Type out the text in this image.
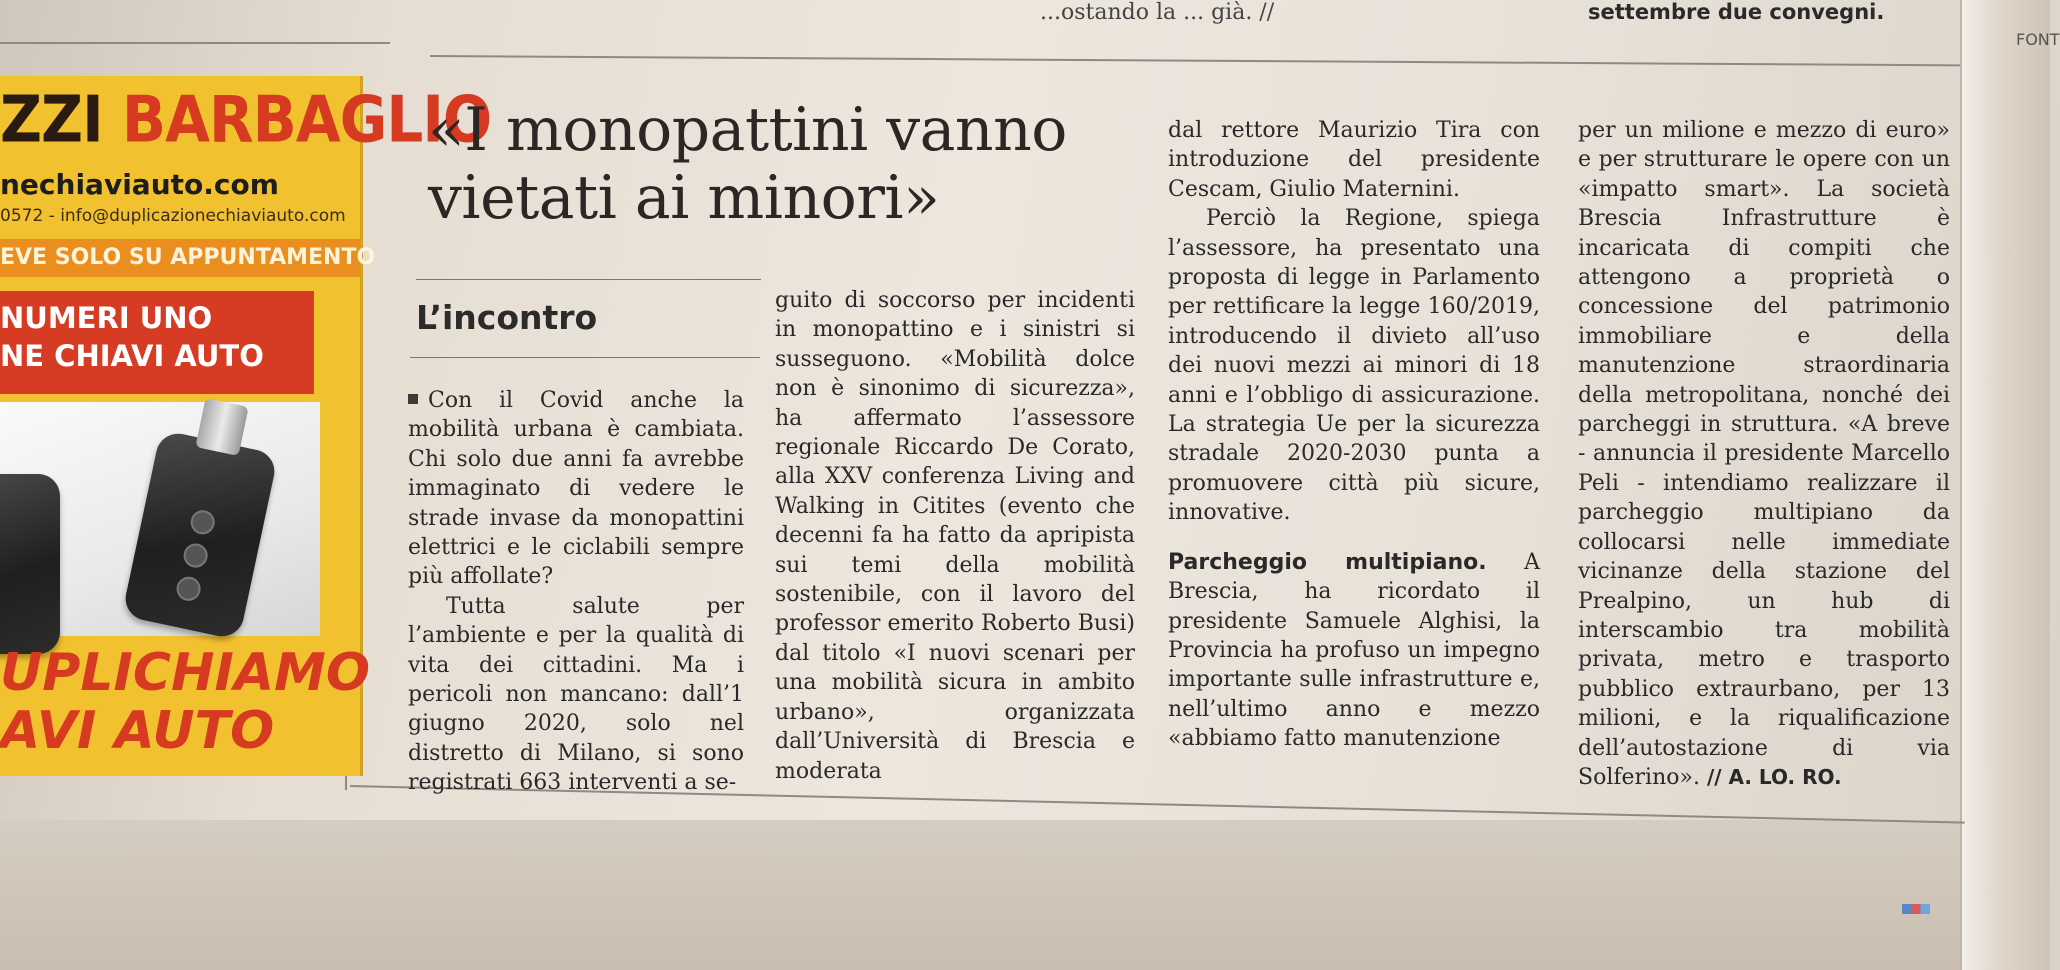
FONT
...ostando la ... già. //	settembre due convegni.
ZZI BARBAGLIO
nechiaviauto.com
0572 - info@duplicazionechiaviauto.com
EVE SOLO SU APPUNTAMENTO
NUMERI UNO
NE CHIAVI AUTO
UPLICHIAMO
AVI AUTO
«I monopattini vanno vietati ai minori»
L’incontro

Con il Covid anche la mobilità urbana è cambiata. Chi solo due anni fa avrebbe immaginato di vedere le strade invase da monopattini elettrici e le ciclabili sempre più affollate?

Tutta salute per l’ambiente e per la qualità di vita dei cittadini. Ma i pericoli non mancano: dall’1 giugno 2020, solo nel distretto di Milano, si sono registrati 663 interventi a se-

guito di soccorso per incidenti in monopattino e i sinistri si susseguono. «Mobilità dolce non è sinonimo di sicurezza», ha affermato l’assessore regionale Riccardo De Corato, alla XXV conferenza Living and Walking in Citites (evento che decenni fa ha fatto da apripista sui temi della mobilità sostenibile, con il lavoro del professor emerito Roberto Busi) dal titolo «I nuovi scenari per una mobilità sicura in ambito urbano», organizzata dall’Università di Brescia e moderata

dal rettore Maurizio Tira con introduzione del presidente Cescam, Giulio Maternini.

Perciò la Regione, spiega l’assessore, ha presentato una proposta di legge in Parlamento per rettificare la legge 160/2019, introducendo il divieto all’uso dei nuovi mezzi ai minori di 18 anni e l’obbligo di assicurazione. La strategia Ue per la sicurezza stradale 2020-2030 punta a promuovere città più sicure, innovative.

Parcheggio multipiano. A Brescia, ha ricordato il presidente Samuele Alghisi, la Provincia ha profuso un impegno importante sulle infrastrutture e, nell’ultimo anno e mezzo «abbiamo fatto manutenzione

per un milione e mezzo di euro» e per strutturare le opere con un «impatto smart». La società Brescia Infrastrutture è incaricata di compiti che attengono a proprietà o concessione del patrimonio immobiliare e della manutenzione straordinaria della metropolitana, nonché dei parcheggi in struttura. «A breve - annuncia il presidente Marcello Peli - intendiamo realizzare il parcheggio multipiano da collocarsi nelle immediate vicinanze della stazione del Prealpino, un hub di interscambio tra mobilità privata, metro e trasporto pubblico extraurbano, per 13 milioni, e la riqualificazione dell’autostazione di via Solferino». // A. LO. RO.
